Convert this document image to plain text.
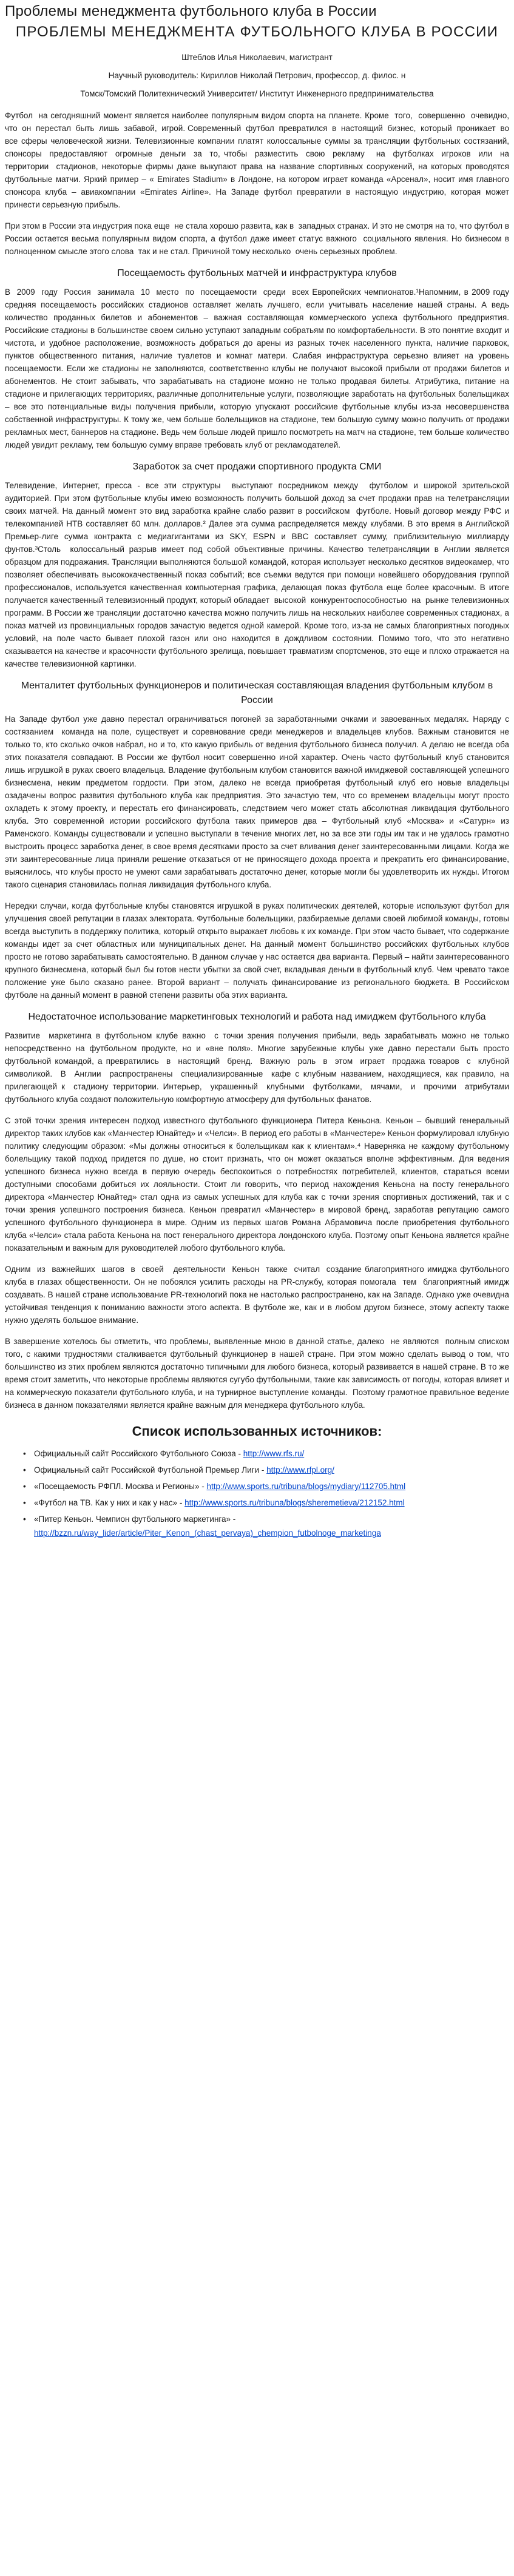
Проблемы менеджмента футбольного клуба в России
ПРОБЛЕМЫ МЕНЕДЖМЕНТА ФУТБОЛЬНОГО КЛУБА В РОССИИ
Штеблов Илья Николаевич, магистрант
Научный руководитель: Кириллов Николай Петрович, профессор, д. филос. н
Томск/Томский Политехнический Университет/ Институт Инженерного предпринимательства

Футбол  на сегодняшний момент является наиболее популярным видом спорта на планете. Кроме  того,  совершенно  очевидно,  что  он  перестал  быть  лишь  забавой,  игрой. Современный  футбол  превратился  в  настоящий  бизнес,  который  проникает  во все сферы человеческой жизни. Телевизионные компании платят колоссальные суммы за трансляции футбольных состязаний, спонсоры  предоставляют  огромные  деньги  за  то, чтобы  разместить  свою  рекламу   на  футболках  игроков  или  на  территории  стадионов, некоторые фирмы даже выкупают права на название спортивных сооружений, на которых проводятся футбольные матчи. Яркий пример – « Emirates Stadium» в Лондоне, на котором играет команда «Арсенал», носит имя главного спонсора клуба – авиакомпании «Emirates Airline». На Западе футбол превратили в настоящую индустрию, которая может принести серьезную прибыль.

При этом в России эта индустрия пока еще  не стала хорошо развита, как в  западных странах. И это не смотря на то, что футбол в России остается весьма популярным видом спорта, а футбол даже имеет статус важного  социального явления. Но бизнесом в полноценном смысле этого слова  так и не стал. Причиной тому несколько  очень серьезных проблем.

Посещаемость футбольных матчей и инфраструктура клубов

В  2009  году  Россия  занимала  10  место  по  посещаемости  среди  всех Европейских чемпионатов.¹Напомним, в 2009 году средняя посещаемость российских стадионов оставляет желать лучшего, если учитывать население нашей страны. А ведь количество проданных билетов и абонементов – важная составляющая коммерческого успеха футбольного предприятия. Российские стадионы в большинстве своем сильно уступают западным собратьям по комфортабельности. В это понятие входит и чистота, и удобное расположение, возможность добраться до арены из разных точек населенного пункта, наличие парковок, пунктов общественного питания, наличие туалетов и комнат матери. Слабая инфраструктура серьезно влияет на уровень посещаемости. Если же стадионы не заполняются, соответственно клубы не получают высокой прибыли от продажи билетов и абонементов. Не стоит забывать, что зарабатывать на стадионе можно не только продавая билеты. Атрибутика, питание на стадионе и прилегающих территориях, различные дополнительные услуги, позволяющие заработать на футбольных болельщиках – все это потенциальные виды получения прибыли, которую упускают российские футбольные клубы из-за несовершенства собственной инфраструктуры. К тому же, чем больше болельщиков на стадионе, тем большую сумму можно получить от продажи рекламных мест, баннеров на стадионе. Ведь чем больше людей пришло посмотреть на матч на стадионе, тем больше количество людей увидит рекламу, тем большую сумму вправе требовать клуб от рекламодателей.

Заработок за счет продажи спортивного продукта СМИ

Телевидение, Интернет, пресса - все эти структуры  выступают посредником между  футболом и широкой зрительской  аудиторией. При этом футбольные клубы имею возможность получить большой доход за счет продажи прав на телетрансляции своих матчей. На данный момент это вид заработка крайне слабо развит в российском  футболе. Новый договор между РФС и телекомпанией НТВ составляет 60 млн. долларов.² Далее эта сумма распределяется между клубами. В это время в Английской Премьер-лиге сумма контракта с медиагигантами из SKY, ESPN и BBC составляет сумму, приблизительную миллиарду фунтов.³Столь  колоссальный разрыв имеет под собой объективные причины. Качество телетрансляции в Англии является образцом для подражания. Трансляции выполняются большой командой, которая использует несколько десятков видеокамер, что позволяет обеспечивать высококачественный показ событий; все съемки ведутся при помощи новейшего оборудования группой профессионалов, используется качественная компьютерная графика, делающая показ футбола еще более красочным. В итоге получается качественный телевизионный продукт, который обладает  высокой  конкурентоспособностью  на  рынке телевизионных программ. В России же трансляции достаточно качества можно получить лишь на нескольких наиболее современных стадионах, а показ матчей из провинциальных городов зачастую ведется одной камерой. Кроме того, из-за не самых благоприятных погодных условий, на поле часто бывает плохой газон или оно находится в дождливом состоянии. Помимо того, что это негативно сказывается на качестве и красочности футбольного зрелища, повышает травматизм спортсменов, это еще и плохо отражается на качестве телевизионной картинки.

Менталитет футбольных функционеров и политическая составляющая владения футбольным клубом в России

На Западе футбол уже давно перестал ограничиваться погоней за заработанными очками и завоеванных медалях. Наряду с состязанием  команда на поле, существует и соревнование среди менеджеров и владельцев клубов. Важным становится не только то, кто сколько очков набрал, но и то, кто какую прибыль от ведения футбольного бизнеса получил. А делаю не всегда оба этих показателя совпадают. В России же футбол носит совершенно иной характер. Очень часто футбольный клуб становится лишь игрушкой в руках своего владельца. Владение футбольным клубом становится важной имиджевой составляющей успешного бизнесмена, неким предметом гордости. При этом, далеко не всегда приобретая футбольный клуб его новые владельцы  озадачены вопрос развития футбольного клуба как предприятия. Это зачастую тем, что со временем владельцы могут просто охладеть к этому проекту, и перестать его финансировать, следствием чего может стать абсолютная ликвидация футбольного клуба. Это современной истории российского футбола таких примеров два – Футбольный клуб «Москва» и «Сатурн» из Раменского. Команды существовали и успешно выступали в течение многих лет, но за все эти годы им так и не удалось грамотно выстроить процесс заработка денег, в свое время десятками просто за счет вливания денег заинтересованными лицами. Когда же эти заинтересованные лица приняли решение отказаться от не приносящего дохода проекта и прекратить его финансирование, выяснилось, что клубы просто не умеют сами зарабатывать достаточно денег, которые могли бы удовлетворить их нужды. Итогом такого сценария становилась полная ликвидация футбольного клуба.

Нередки случаи, когда футбольные клубы становятся игрушкой в руках политических деятелей, которые используют футбол для улучшения своей репутации в глазах электората. Футбольные болельщики, разбираемые делами своей любимой команды, готовы всегда выступить в поддержку политика, который открыто выражает любовь к их команде. При этом часто бывает, что содержание команды идет за счет областных или муниципальных денег. На данный момент большинство российских футбольных клубов просто не готово зарабатывать самостоятельно. В данном случае у нас остается два варианта. Первый – найти заинтересованного крупного бизнесмена, который был бы готов нести убытки за свой счет, вкладывая деньги в футбольный клуб. Чем чревато такое положение уже было сказано ранее. Второй вариант – получать финансирование из регионального бюджета. В Российском футболе на данный момент в равной степени развиты оба этих варианта.

Недостаточное использование маркетинговых технологий и работа над имиджем футбольного клуба

Развитие  маркетинга в футбольном клубе важно  с точки зрения получения прибыли, ведь зарабатывать можно не только непосредственно на футбольном продукте, но и «вне поля». Многие зарубежные клубы уже давно перестали быть просто футбольной командой, а превратились  в  настоящий  бренд.  Важную  роль  в  этом  играет  продажа товаров  с  клубной  символикой.  В  Англии  распространены  специализированные  кафе с клубным названием, находящиеся, как правило, на прилегающей к  стадиону территории. Интерьер,  украшенный  клубными  футболками,  мячами,  и  прочими  атрибутами футбольного клуба создают положительную комфортную атмосферу для футбольных фанатов.

С этой точки зрения интересен подход известного футбольного функционера Питера Кеньона. Кеньон – бывший генеральный  директор таких клубов как «Манчестер Юнайтед» и «Челси». В период его работы в «Манчестере» Кеньон формулировал клубную политику следующим образом: «Мы должны относиться к болельщикам как к клиентам».⁴ Наверняка не каждому футбольному болельщику такой подход придется по душе, но стоит признать, что он может оказаться вполне эффективным. Для ведения успешного бизнеса нужно всегда в первую очередь беспокоиться о потребностях потребителей, клиентов, стараться всеми доступными способами добиться их лояльности. Стоит ли говорить, что период нахождения Кеньона на посту генерального директора «Манчестер Юнайтед» стал одна из самых успешных для клуба как с точки зрения спортивных достижений, так и с точки зрения успешного построения бизнеса. Кеньон превратил «Манчестер» в мировой бренд, заработав репутацию самого успешного футбольного функционера в мире. Одним из первых шагов Романа Абрамовича после приобретения футбольного клуба «Челси» стала работа Кеньона на пост генерального директора лондонского клуба. Поэтому опыт Кеньона является крайне показательным и важным для руководителей любого футбольного клуба.

Одним  из  важнейших  шагов  в  своей   деятельности  Кеньон  также  считал  создание благоприятного имиджа футбольного клуба в глазах общественности. Он не побоялся усилить расходы на PR-службу, которая помогала  тем  благоприятный имидж создавать. В нашей стране использование PR-технологий пока не настолько распространено, как на Западе. Однако уже очевидна устойчивая тенденция к пониманию важности этого аспекта. В футболе же, как и в любом другом бизнесе, этому аспекту также нужно уделять большое внимание.

В завершение хотелось бы отметить, что проблемы, выявленные мною в данной статье, далеко  не являются  полным списком того, с какими трудностями сталкивается футбольный функционер в нашей стране. При этом можно сделать вывод о том, что большинство из этих проблем являются достаточно типичными для любого бизнеса, который развивается в нашей стране. В то же время стоит заметить, что некоторые проблемы являются сугубо футбольными, такие как зависимость от погоды, которая влияет и на коммерческую показатели футбольного клуба, и на турнирное выступление команды.  Поэтому грамотное правильное ведение бизнеса в данном показателями является крайне важным для менеджера футбольного клуба.

Список использованных источников:
• Официальный сайт Российского Футбольного Союза - http://www.rfs.ru/
• Официальный сайт Российской Футбольной Премьер Лиги - http://www.rfpl.org/
• «Посещаемость РФПЛ. Москва и Регионы» - http://www.sports.ru/tribuna/blogs/mydiary/112705.html
• «Футбол на ТВ. Как у них и как у нас» - http://www.sports.ru/tribuna/blogs/sheremetieva/212152.html
• «Питер Кеньон. Чемпион футбольного маркетинга» - http://bzzn.ru/way_lider/article/Piter_Kenon_(chast_pervaya)_chempion_futbolnoge_marketinga
